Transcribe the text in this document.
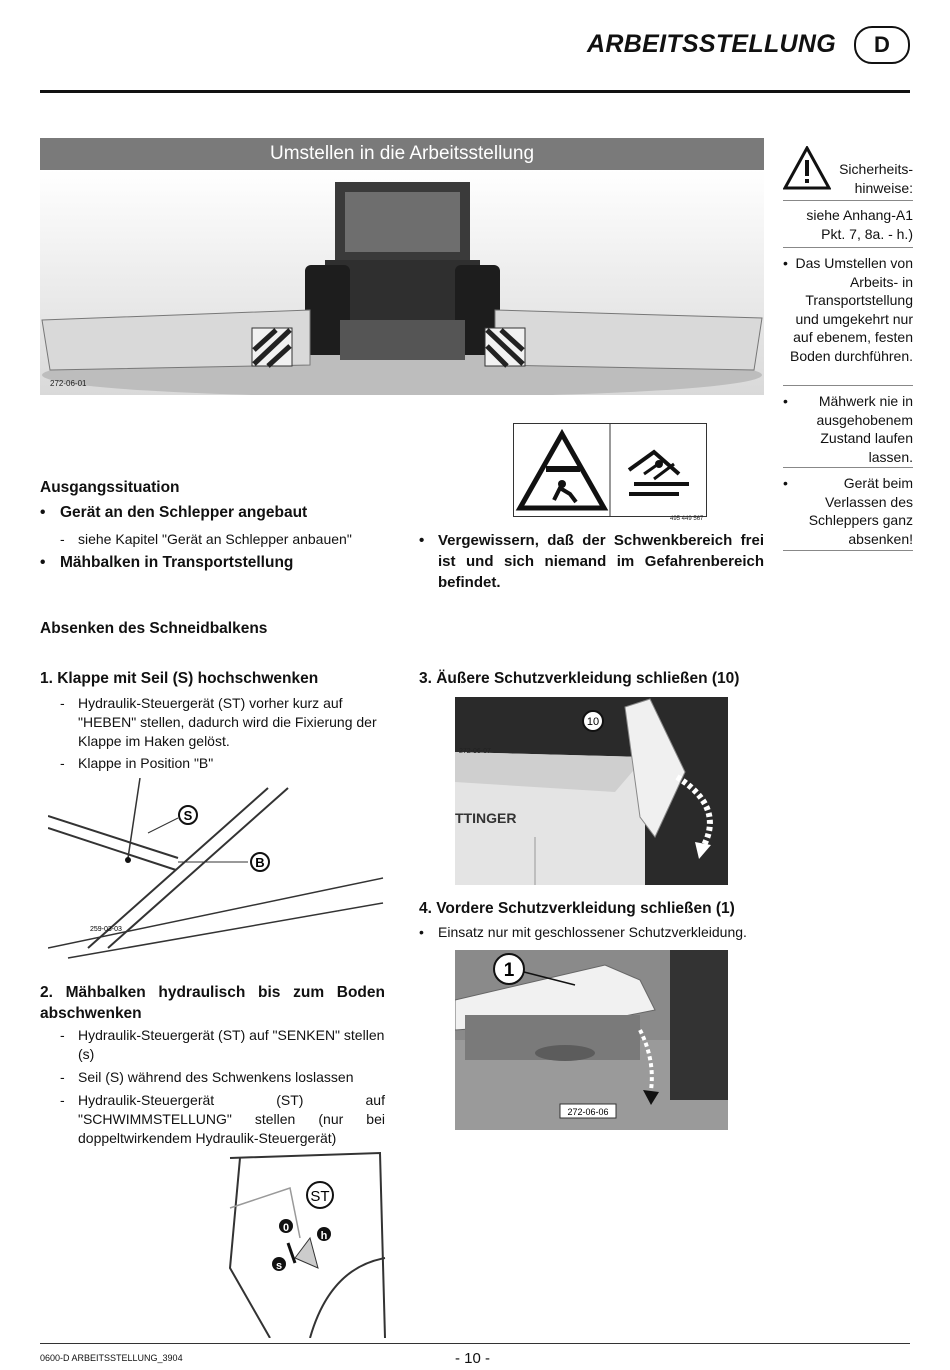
ARBEITSSTELLUNG	D
Umstellen in die Arbeitsstellung
272-06-01
Sicherheits-hinweise:
siehe Anhang-A1 Pkt. 7, 8a. - h.)
• Das Umstellen von Arbeits- in Transportstellung und umgekehrt nur auf ebenem, festen Boden durchführen.
• Mähwerk nie in ausgehobenem Zustand laufen lassen.
•	Gerät beim Verlassen des Schleppers ganz absenken!
Ausgangssituation
• Gerät an den Schlepper angebaut
- siehe Kapitel "Gerät an Schlepper anbauen"
• Mähbalken in Transportstellung
495 449 567
• Vergewissern, daß der Schwenkbereich frei ist und sich niemand im Gefahrenbereich befindet.
Absenken des Schneidbalkens
1. Klappe mit Seil (S) hochschwenken
- Hydraulik-Steuergerät (ST) vorher kurz auf "HEBEN" stellen, dadurch wird die Fixierung der Klappe im Haken gelöst.
- Klappe in Position "B"
S
B
259-03-03
2. Mähbalken hydraulisch bis zum Boden abschwenken
- Hydraulik-Steuergerät (ST) auf "SENKEN" stellen (s)
- Seil (S) während des Schwenkens loslassen
- Hydraulik-Steuergerät (ST) auf "SCHWIMMSTELLUNG" stellen (nur bei doppeltwirkendem Hydraulik-Steuergerät)
ST
0
h
s
3. Äußere Schutzverkleidung schließen (10)
TTINGER
272-06-07
10
4. Vordere Schutzverkleidung schließen (1)
• Einsatz nur mit geschlossener Schutzverkleidung.
1
272-06-06
0600-D ARBEITSSTELLUNG_3904	- 10 -
